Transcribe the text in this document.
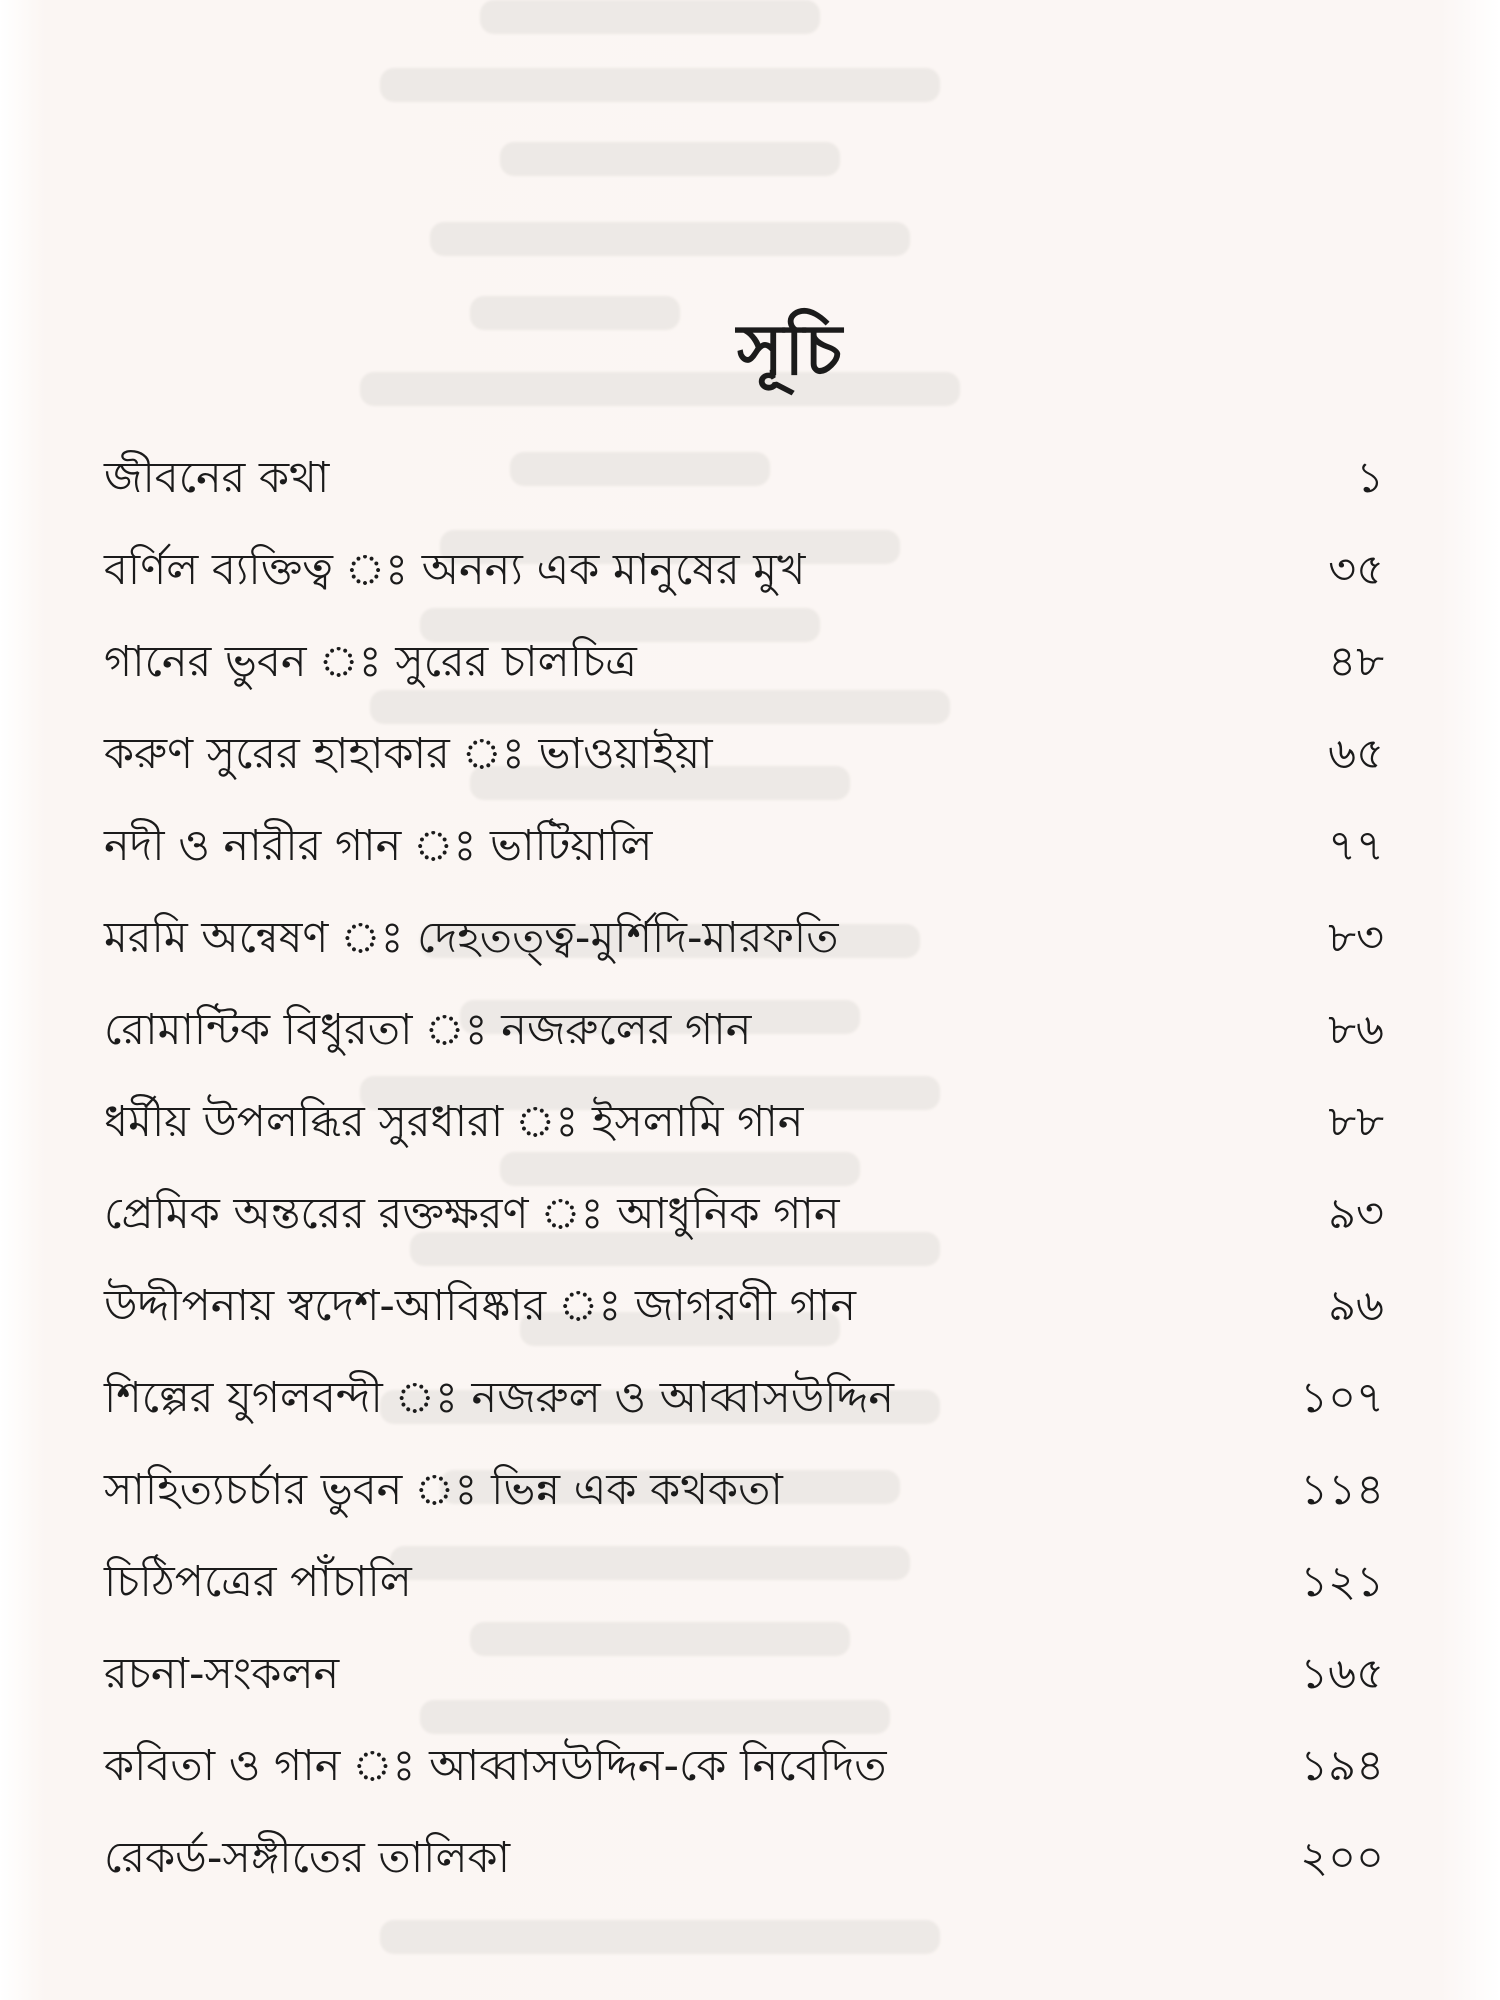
সূচি
জীবনের কথা	১
বর্ণিল ব্যক্তিত্ব ঃ অনন্য এক মানুষের মুখ	৩৫
গানের ভুবন ঃ সুরের চালচিত্র	৪৮
করুণ সুরের হাহাকার ঃ ভাওয়াইয়া	৬৫
নদী ও নারীর গান ঃ ভাটিয়ালি	৭৭
মরমি অন্বেষণ ঃ দেহতত্ত্ব-মুর্শিদি-মারফতি	৮৩
রোমান্টিক বিধুরতা ঃ নজরুলের গান	৮৬
ধর্মীয় উপলব্ধির সুরধারা ঃ ইসলামি গান	৮৮
প্রেমিক অন্তরের রক্তক্ষরণ ঃ আধুনিক গান	৯৩
উদ্দীপনায় স্বদেশ-আবিষ্কার ঃ জাগরণী গান	৯৬
শিল্পের যুগলবন্দী ঃ নজরুল ও আব্বাসউদ্দিন	১০৭
সাহিত্যচর্চার ভুবন ঃ ভিন্ন এক কথকতা	১১৪
চিঠিপত্রের পাঁচালি	১২১
রচনা-সংকলন	১৬৫
কবিতা ও গান ঃ আব্বাসউদ্দিন-কে নিবেদিত	১৯৪
রেকর্ড-সঙ্গীতের তালিকা	২০০
